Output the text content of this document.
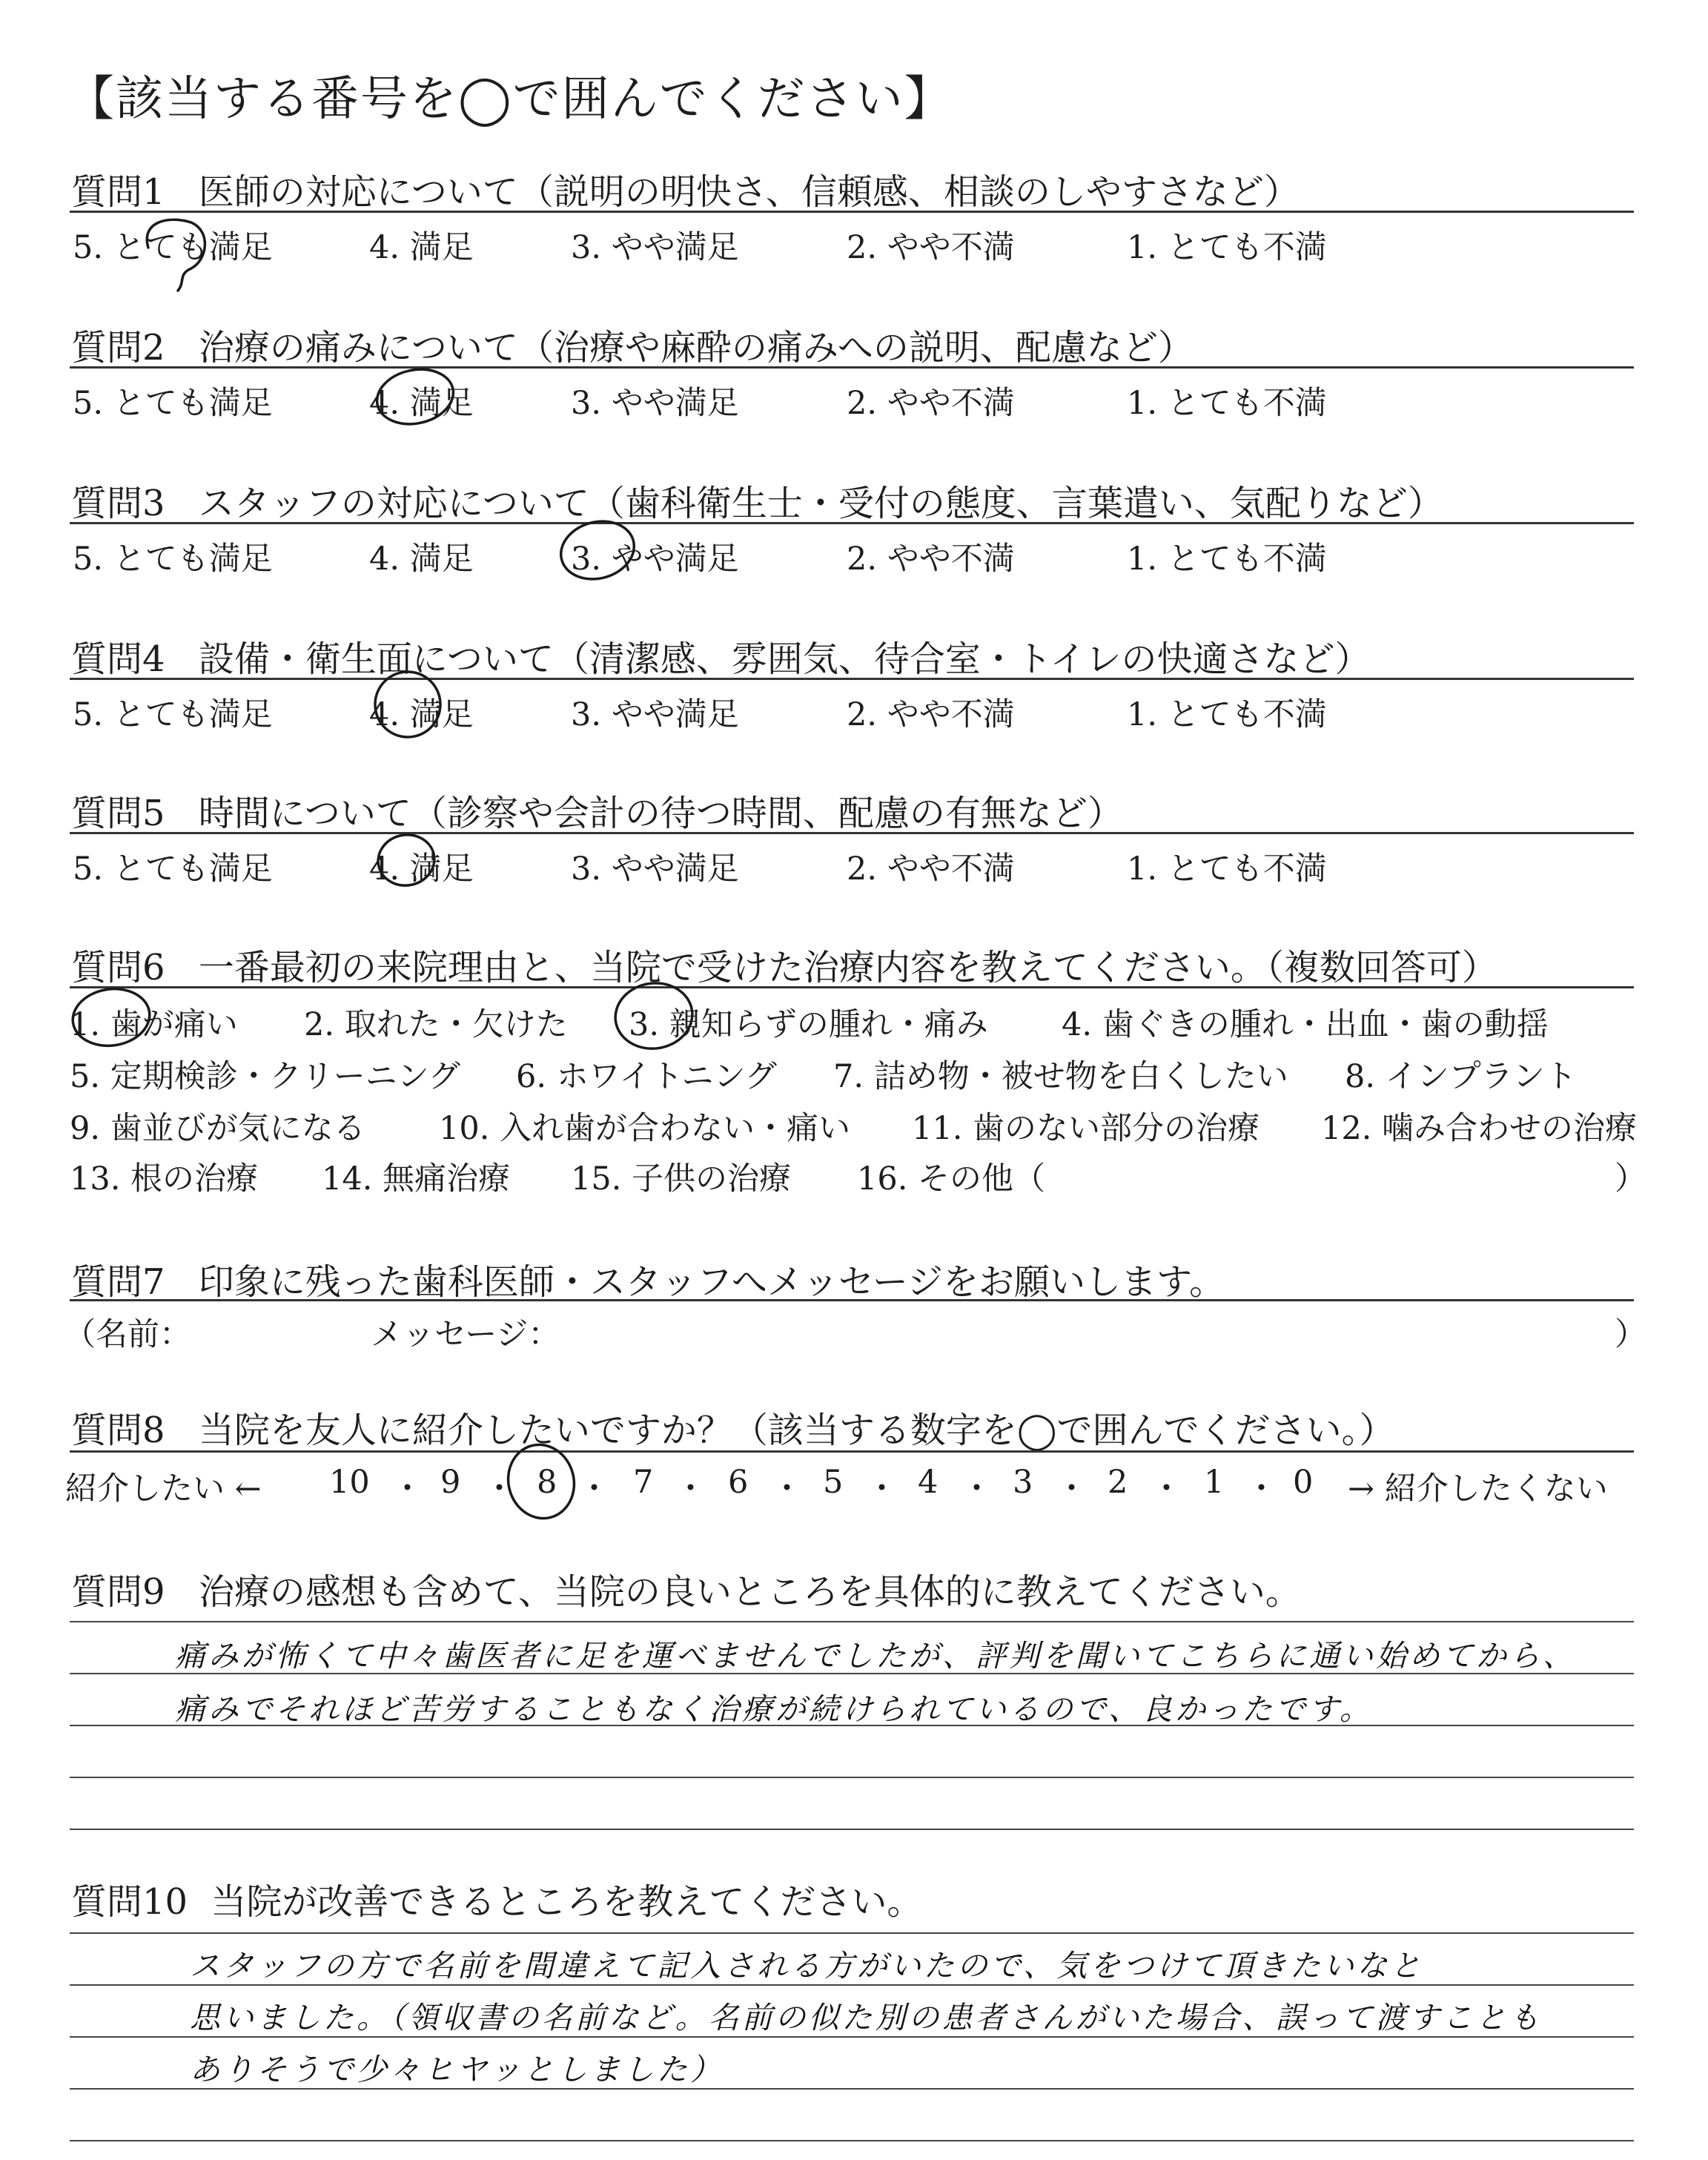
【該当する番号を◯で囲んでください】
質問1 医師の対応について（説明の明快さ、信頼感、相談のしやすさなど）
5. とても満足	4. 満足	3. やや満足	2. やや不満	1. とても不満
質問2 治療の痛みについて（治療や麻酔の痛みへの説明、配慮など）
5. とても満足	4. 満足	3. やや満足	2. やや不満	1. とても不満
質問3 スタッフの対応について（歯科衛生士・受付の態度、言葉遣い、気配りなど）
5. とても満足	4. 満足	3. やや満足	2. やや不満	1. とても不満
質問4 設備・衛生面について（清潔感、雰囲気、待合室・トイレの快適さなど）
5. とても満足	4. 満足	3. やや満足	2. やや不満	1. とても不満
質問5 時間について（診察や会計の待つ時間、配慮の有無など）
5. とても満足	4. 満足	3. やや満足	2. やや不満	1. とても不満
質問6 一番最初の来院理由と、当院で受けた治療内容を教えてください。（複数回答可）
1. 歯が痛い 2. 取れた・欠けた 3. 親知らずの腫れ・痛み 4. 歯ぐきの腫れ・出血・歯の動揺
5. 定期検診・クリーニング 6. ホワイトニング 7. 詰め物・被せ物を白くしたい 8. インプラント
9. 歯並びが気になる 10. 入れ歯が合わない・痛い 11. 歯のない部分の治療 12. 噛み合わせの治療
13. 根の治療 14. 無痛治療 15. 子供の治療 16. その他（	）
質問7 印象に残った歯科医師・スタッフへメッセージをお願いします。
（名前：	メッセージ：	）
質問8 当院を友人に紹介したいですか？（該当する数字を◯で囲んでください。）
紹介したい ← 10 ・ 9 ・ 8 ・ 7 ・ 6 ・ 5 ・ 4 ・ 3 ・ 2 ・ 1 ・ 0 → 紹介したくない
質問9 治療の感想も含めて、当院の良いところを具体的に教えてください。
痛みが怖くて中々歯医者に足を運べませんでしたが、評判を聞いてこちらに通い始めてから、
痛みでそれほど苦労することもなく治療が続けられているので、良かったです。
質問10 当院が改善できるところを教えてください。
スタッフの方で名前を間違えて記入される方がいたので、気をつけて頂きたいなと
思いました。（領収書の名前など。名前の似た別の患者さんがいた場合、誤って渡すことも
ありそうで少々ヒヤッとしました）
